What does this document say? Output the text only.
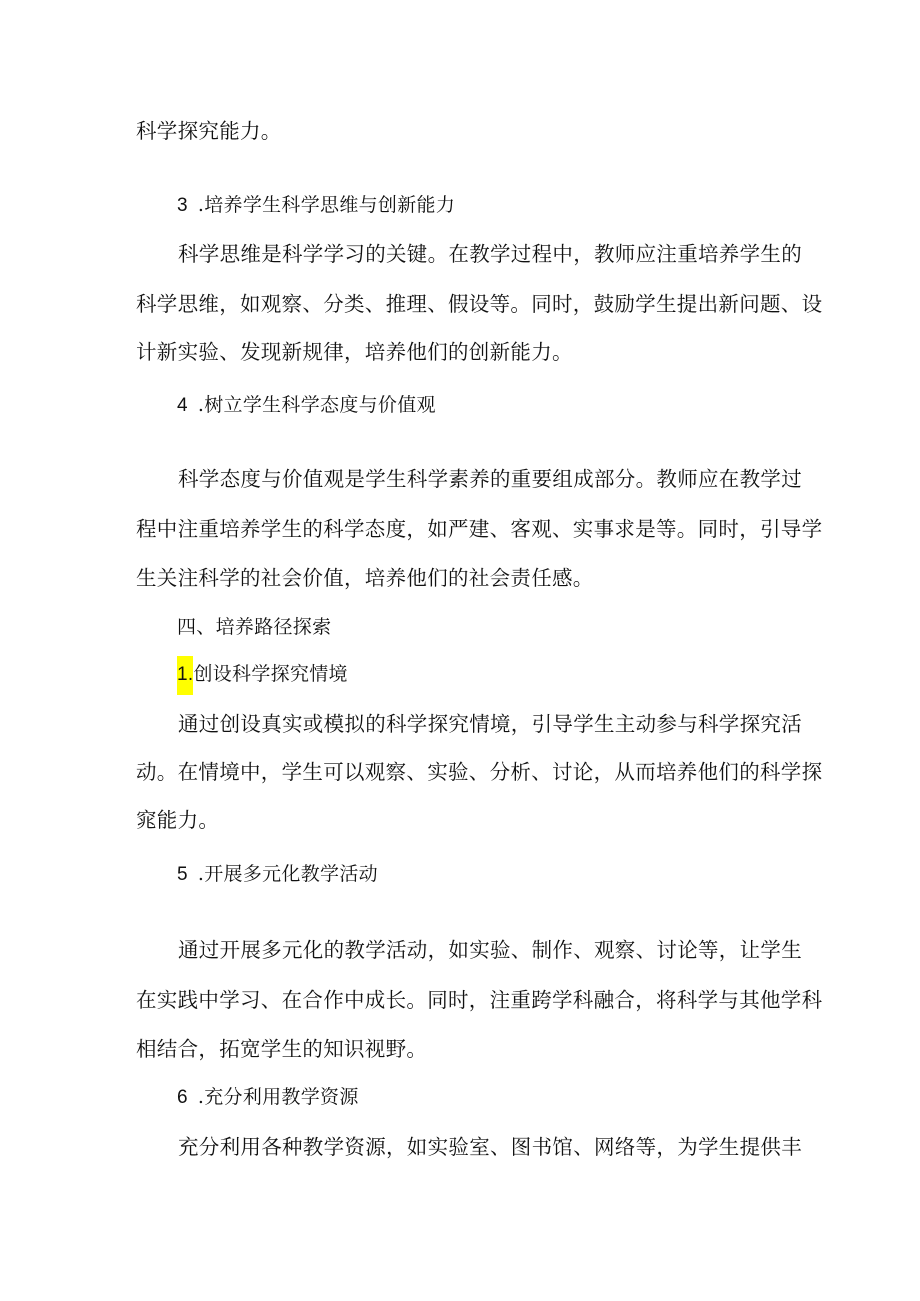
科学探究能力。
3 .培养学生科学思维与创新能力
科学思维是科学学习的关键。在教学过程中，教师应注重培养学生的
科学思维，如观察、分类、推理、假设等。同时，鼓励学生提出新问题、设
计新实验、发现新规律，培养他们的创新能力。
4 .树立学生科学态度与价值观
科学态度与价值观是学生科学素养的重要组成部分。教师应在教学过
程中注重培养学生的科学态度，如严建、客观、实事求是等。同时，引导学
生关注科学的社会价值，培养他们的社会责任感。
四、培养路径探索
1.创设科学探究情境
通过创设真实或模拟的科学探究情境，引导学生主动参与科学探究活
动。在情境中，学生可以观察、实验、分析、讨论，从而培养他们的科学探
窕能力。
5 .开展多元化教学活动
通过开展多元化的教学活动，如实验、制作、观察、讨论等，让学生
在实践中学习、在合作中成长。同时，注重跨学科融合，将科学与其他学科
相结合，拓宽学生的知识视野。
6 .充分利用教学资源
充分利用各种教学资源，如实验室、图书馆、网络等，为学生提供丰
